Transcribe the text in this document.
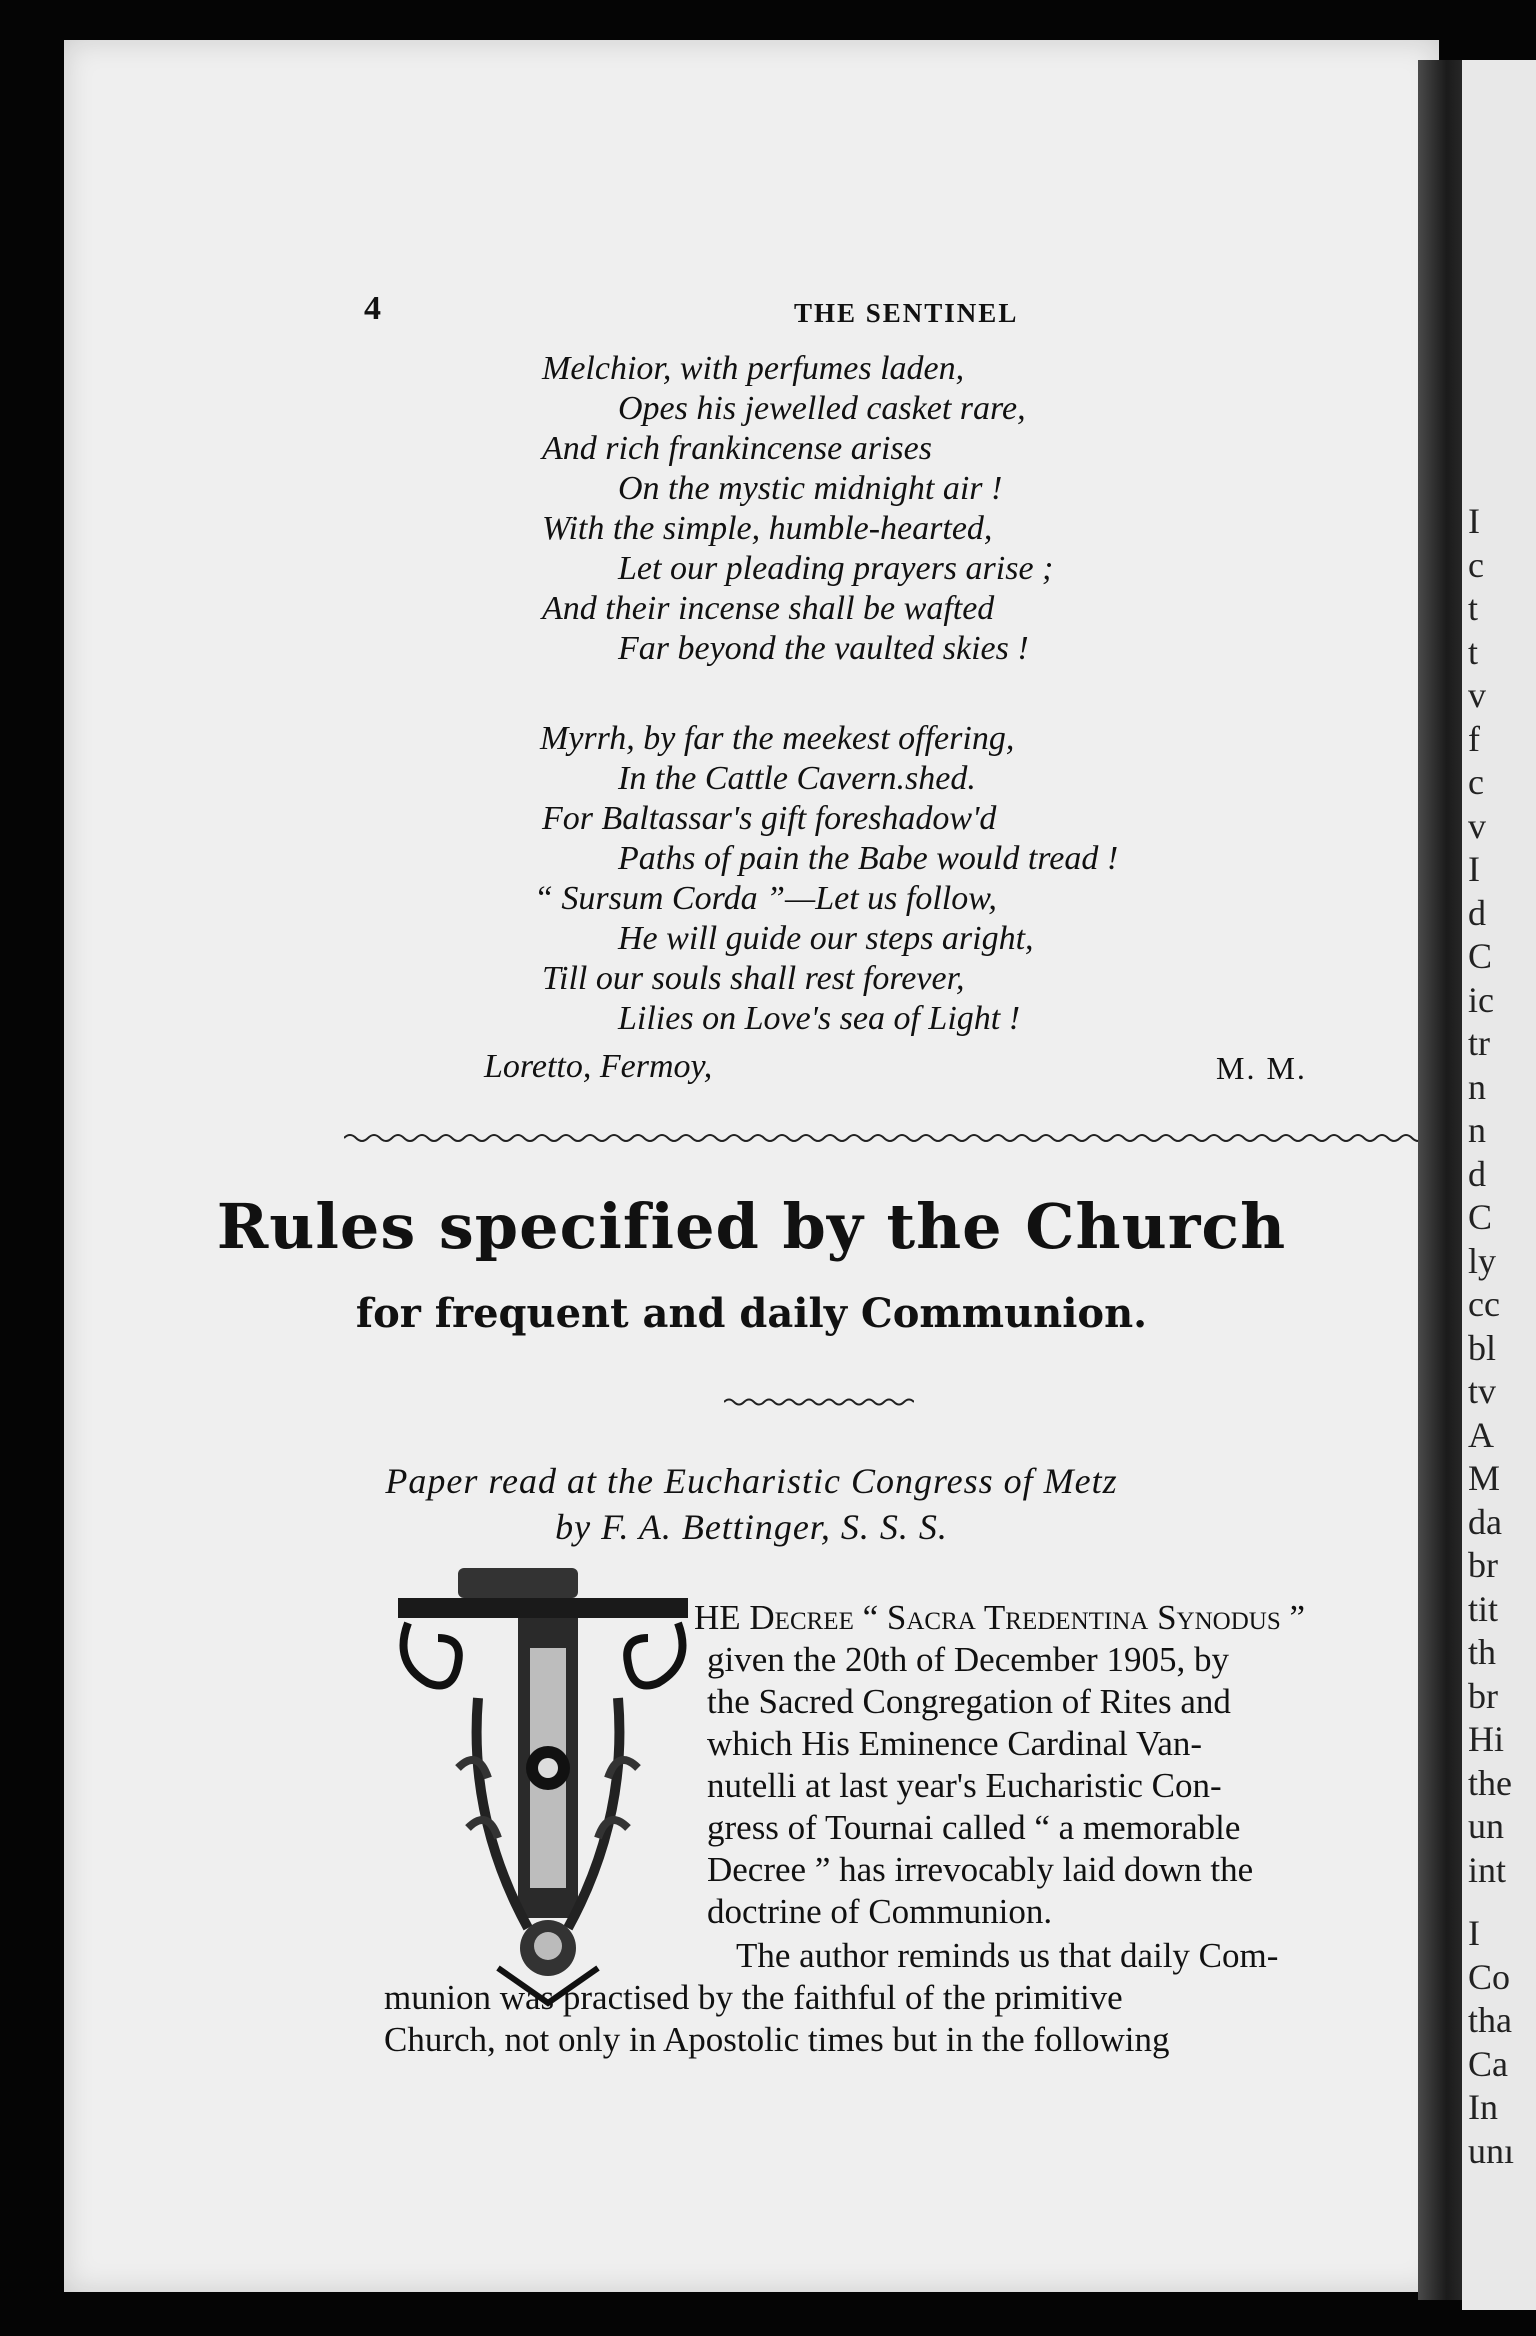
4	THE SENTINEL
Melchior, with perfumes laden,
Opes his jewelled casket rare,
And rich frankincense arises
On the mystic midnight air !
With the simple, humble-hearted,
Let our pleading prayers arise ;
And their incense shall be wafted
Far beyond the vaulted skies !
Myrrh, by far the meekest offering,
In the Cattle Cavern.shed.
For Baltassar's gift foreshadow'd
Paths of pain the Babe would tread !
“ Sursum Corda ”—Let us follow,
He will guide our steps aright,
Till our souls shall rest forever,
Lilies on Love's sea of Light !
Loretto, Fermoy,	M. M.
Rules specified by the Church
for frequent and daily Communion.
Paper read at the Eucharistic Congress of Metz
by F. A. Bettinger, S. S. S.
HE Decree “ Sacra Tredentina Synodus ”
given the 20th of December 1905, by
the Sacred Congregation of Rites and
which His Eminence Cardinal Van-
nutelli at last year's Eucharistic Con-
gress of Tournai called “ a memorable
Decree ” has irrevocably laid down the
doctrine of Communion.
The author reminds us that daily Com-
munion was practised by the faithful of the primitive
Church, not only in Apostolic times but in the following
I
c
t
t
v
f
c
v
I
d
C
ic
tr
n
n
d
C
ly
cc
bl
tv
A
M
da
br
tit
th
br
Hi
the
un
int
I
Co
tha
Ca
In
unı
